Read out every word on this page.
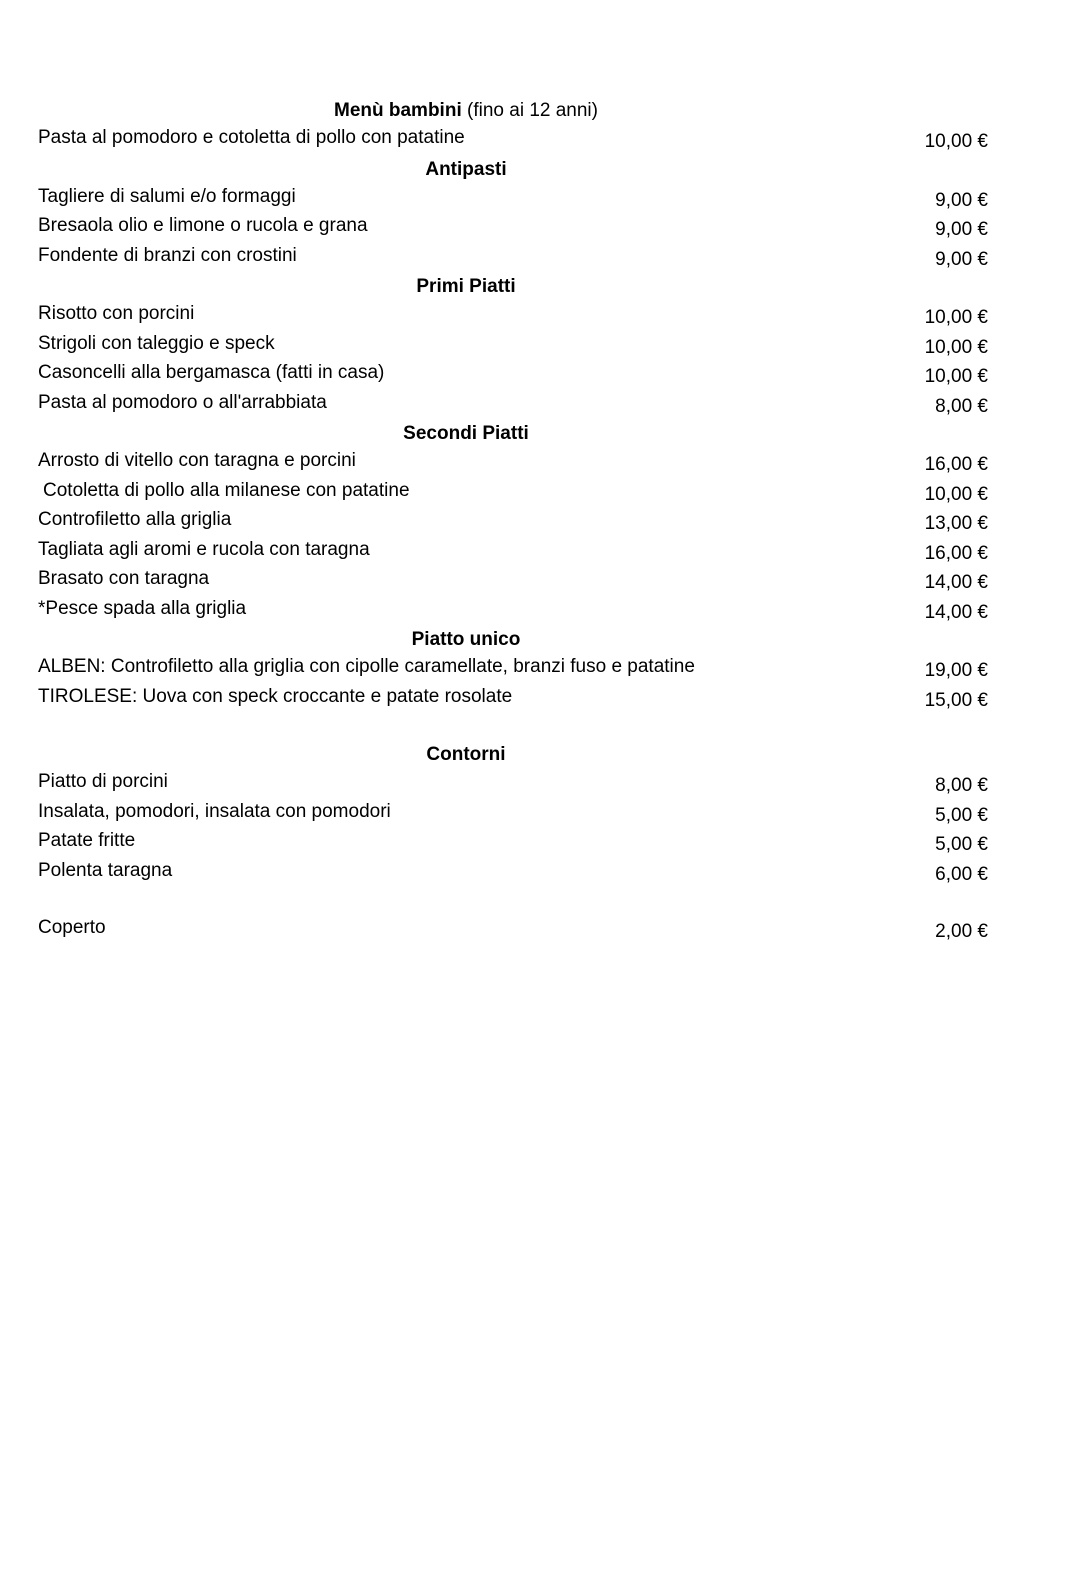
Menù bambini (fino ai 12 anni)
Pasta al pomodoro e cotoletta di pollo con patatine	10,00 €
Antipasti
Tagliere di salumi e/o formaggi	9,00 €
Bresaola olio e limone o rucola e grana	9,00 €
Fondente di branzi con crostini	9,00 €
Primi Piatti
Risotto con porcini	10,00 €
Strigoli con taleggio e speck	10,00 €
Casoncelli alla bergamasca (fatti in casa)	10,00 €
Pasta al pomodoro o all'arrabbiata	8,00 €
Secondi Piatti
Arrosto di vitello con taragna e porcini	16,00 €
Cotoletta di pollo alla milanese con patatine	10,00 €
Controfiletto alla griglia	13,00 €
Tagliata agli aromi e rucola con taragna	16,00 €
Brasato con taragna	14,00 €
*Pesce spada alla griglia	14,00 €
Piatto unico
ALBEN: Controfiletto alla griglia con cipolle caramellate, branzi fuso e patatine	19,00 €
TIROLESE: Uova con speck croccante e patate rosolate	15,00 €
Contorni
Piatto di porcini	8,00 €
Insalata, pomodori, insalata con pomodori	5,00 €
Patate fritte	5,00 €
Polenta taragna	6,00 €
Coperto	2,00 €
